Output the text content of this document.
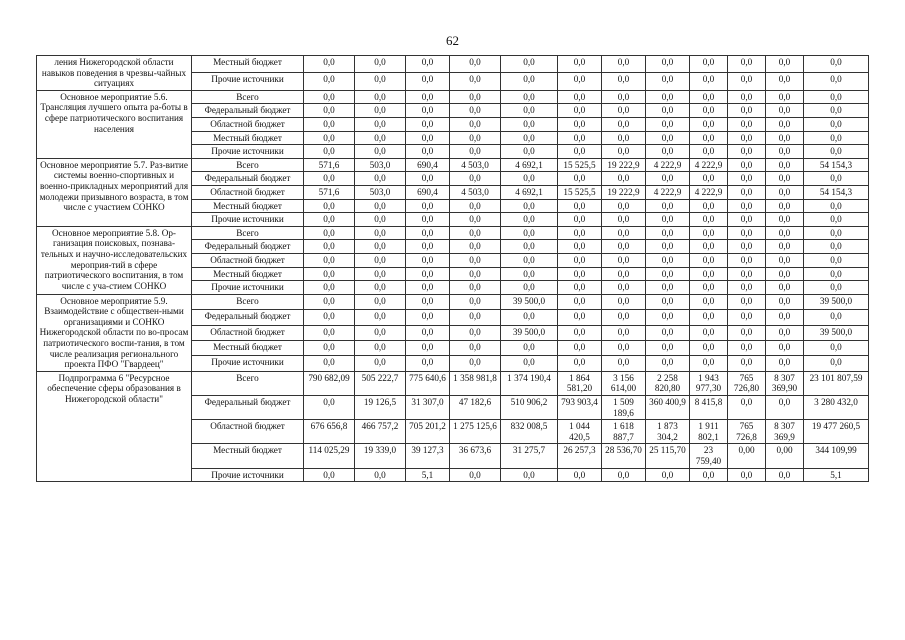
62
ления Нижегородской области навыков поведения в чрезвы-чайных ситуациях	Местный бюджет	0,0	0,0	0,0	0,0	0,0	0,0	0,0	0,0	0,0	0,0	0,0	0,0
	Прочие источники	0,0	0,0	0,0	0,0	0,0	0,0	0,0	0,0	0,0	0,0	0,0	0,0
Основное мероприятие 5.6. Трансляция лучшего опыта ра-боты в сфере патриотического воспитания населения	Всего	0,0	0,0	0,0	0,0	0,0	0,0	0,0	0,0	0,0	0,0	0,0	0,0
	Федеральный бюджет	0,0	0,0	0,0	0,0	0,0	0,0	0,0	0,0	0,0	0,0	0,0	0,0
	Областной бюджет	0,0	0,0	0,0	0,0	0,0	0,0	0,0	0,0	0,0	0,0	0,0	0,0
	Местный бюджет	0,0	0,0	0,0	0,0	0,0	0,0	0,0	0,0	0,0	0,0	0,0	0,0
	Прочие источники	0,0	0,0	0,0	0,0	0,0	0,0	0,0	0,0	0,0	0,0	0,0	0,0
Основное мероприятие 5.7. Раз-витие системы военно-спортивных и военно-прикладных мероприятий для молодежи призывного возраста, в том числе с участием СОНКО	Всего	571,6	503,0	690,4	4 503,0	4 692,1	15 525,5	19 222,9	4 222,9	4 222,9	0,0	0,0	54 154,3
	Федеральный бюджет	0,0	0,0	0,0	0,0	0,0	0,0	0,0	0,0	0,0	0,0	0,0	0,0
	Областной бюджет	571,6	503,0	690,4	4 503,0	4 692,1	15 525,5	19 222,9	4 222,9	4 222,9	0,0	0,0	54 154,3
	Местный бюджет	0,0	0,0	0,0	0,0	0,0	0,0	0,0	0,0	0,0	0,0	0,0	0,0
	Прочие источники	0,0	0,0	0,0	0,0	0,0	0,0	0,0	0,0	0,0	0,0	0,0	0,0
Основное мероприятие 5.8. Ор-ганизация поисковых, познава-тельных и научно-исследовательских мероприя-тий в сфере патриотического воспитания, в том числе с уча-стием СОНКО	Всего	0,0	0,0	0,0	0,0	0,0	0,0	0,0	0,0	0,0	0,0	0,0	0,0
	Федеральный бюджет	0,0	0,0	0,0	0,0	0,0	0,0	0,0	0,0	0,0	0,0	0,0	0,0
	Областной бюджет	0,0	0,0	0,0	0,0	0,0	0,0	0,0	0,0	0,0	0,0	0,0	0,0
	Местный бюджет	0,0	0,0	0,0	0,0	0,0	0,0	0,0	0,0	0,0	0,0	0,0	0,0
	Прочие источники	0,0	0,0	0,0	0,0	0,0	0,0	0,0	0,0	0,0	0,0	0,0	0,0
Основное мероприятие 5.9. Взаимодействие с обществен-ными организациями и СОНКО Нижегородской области по во-просам патриотического воспи-тания, в том числе реализация регионального проекта ПФО "Гвардеец"	Всего	0,0	0,0	0,0	0,0	39 500,0	0,0	0,0	0,0	0,0	0,0	0,0	39 500,0
	Федеральный бюджет	0,0	0,0	0,0	0,0	0,0	0,0	0,0	0,0	0,0	0,0	0,0	0,0
	Областной бюджет	0,0	0,0	0,0	0,0	39 500,0	0,0	0,0	0,0	0,0	0,0	0,0	39 500,0
	Местный бюджет	0,0	0,0	0,0	0,0	0,0	0,0	0,0	0,0	0,0	0,0	0,0	0,0
	Прочие источники	0,0	0,0	0,0	0,0	0,0	0,0	0,0	0,0	0,0	0,0	0,0	0,0
Подпрограмма 6 "Ресурсное обеспечение сферы образования в Нижегородской области"	Всего	790 682,09	505 222,7	775 640,6	1 358 981,8	1 374 190,4	1 864 581,20	3 156 614,00	2 258 820,80	1 943 977,30	765 726,80	8 307 369,90	23 101 807,59
	Федеральный бюджет	0,0	19 126,5	31 307,0	47 182,6	510 906,2	793 903,4	1 509 189,6	360 400,9	8 415,8	0,0	0,0	3 280 432,0
	Областной бюджет	676 656,8	466 757,2	705 201,2	1 275 125,6	832 008,5	1 044 420,5	1 618 887,7	1 873 304,2	1 911 802,1	765 726,8	8 307 369,9	19 477 260,5
	Местный бюджет	114 025,29	19 339,0	39 127,3	36 673,6	31 275,7	26 257,3	28 536,70	25 115,70	23 759,40	0,00	0,00	344 109,99
	Прочие источники	0,0	0,0	5,1	0,0	0,0	0,0	0,0	0,0	0,0	0,0	0,0	5,1
